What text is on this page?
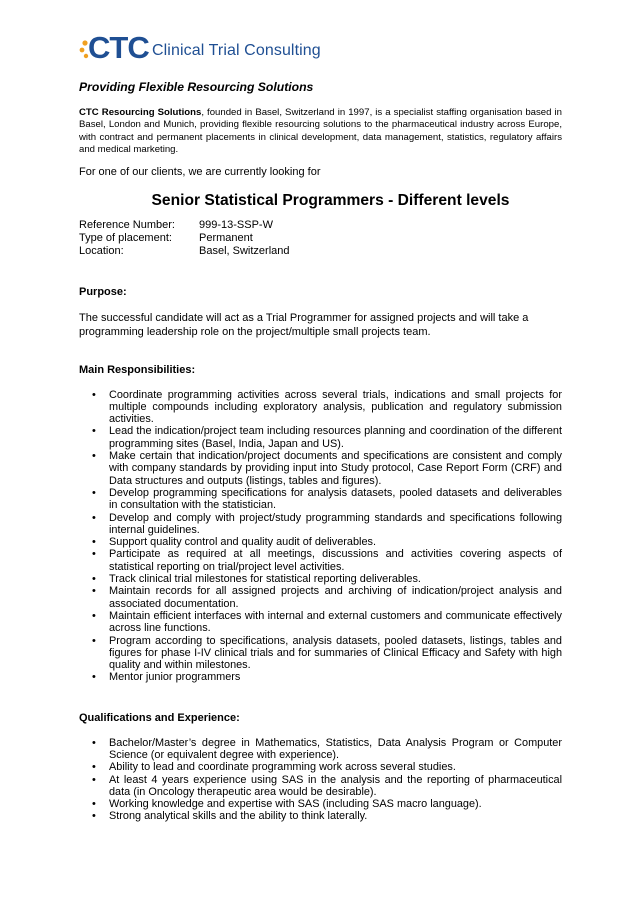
CTC Clinical Trial Consulting

Providing Flexible Resourcing Solutions

CTC Resourcing Solutions, founded in Basel, Switzerland in 1997, is a specialist staffing organisation based in Basel, London and Munich, providing flexible resourcing solutions to the pharmaceutical industry across Europe, with contract and permanent placements in clinical development, data management, statistics, regulatory affairs and medical marketing.

For one of our clients, we are currently looking for

Senior Statistical Programmers - Different levels
Reference Number:	999-13-SSP-W
Type of placement:	Permanent
Location:	Basel, Switzerland

Purpose:

The successful candidate will act as a Trial Programmer for assigned projects and will take a programming leadership role on the project/multiple small projects team.

Main Responsibilities:

• Coordinate programming activities across several trials, indications and small projects for multiple compounds including exploratory analysis, publication and regulatory submission activities.
• Lead the indication/project team including resources planning and coordination of the different programming sites (Basel, India, Japan and US).
• Make certain that indication/project documents and specifications are consistent and comply with company standards by providing input into Study protocol, Case Report Form (CRF) and Data structures and outputs (listings, tables and figures).
• Develop programming specifications for analysis datasets, pooled datasets and deliverables in consultation with the statistician.
• Develop and comply with project/study programming standards and specifications following internal guidelines.
• Support quality control and quality audit of deliverables.
• Participate as required at all meetings, discussions and activities covering aspects of statistical reporting on trial/project level activities.
• Track clinical trial milestones for statistical reporting deliverables.
• Maintain records for all assigned projects and archiving of indication/project analysis and associated documentation.
• Maintain efficient interfaces with internal and external customers and communicate effectively across line functions.
• Program according to specifications, analysis datasets, pooled datasets, listings, tables and figures for phase I-IV clinical trials and for summaries of Clinical Efficacy and Safety with high quality and within milestones.
• Mentor junior programmers

Qualifications and Experience:

• Bachelor/Master’s degree in Mathematics, Statistics, Data Analysis Program or Computer Science (or equivalent degree with experience).
• Ability to lead and coordinate programming work across several studies.
• At least 4 years experience using SAS in the analysis and the reporting of pharmaceutical data (in Oncology therapeutic area would be desirable).
• Working knowledge and expertise with SAS (including SAS macro language).
• Strong analytical skills and the ability to think laterally.
